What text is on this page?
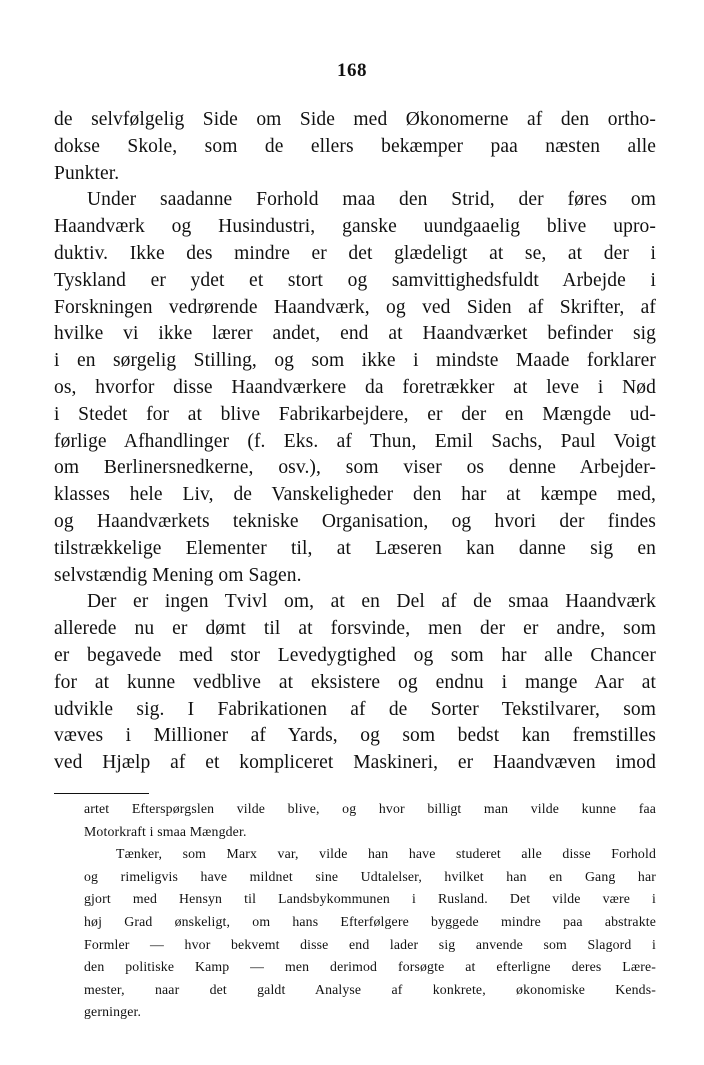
168
de selvfølgelig Side om Side med Økonomerne af den ortho-
dokse Skole, som de ellers bekæmper paa næsten alle
Punkter.
Under saadanne Forhold maa den Strid, der føres om
Haandværk og Husindustri, ganske uundgaaelig blive upro-
duktiv. Ikke des mindre er det glædeligt at se, at der i
Tyskland er ydet et stort og samvittighedsfuldt Arbejde i
Forskningen vedrørende Haandværk, og ved Siden af Skrifter, af
hvilke vi ikke lærer andet, end at Haandværket befinder sig
i en sørgelig Stilling, og som ikke i mindste Maade forklarer
os, hvorfor disse Haandværkere da foretrækker at leve i Nød
i Stedet for at blive Fabrikarbejdere, er der en Mængde ud-
førlige Afhandlinger (f. Eks. af Thun, Emil Sachs, Paul Voigt
om Berlinersnedkerne, osv.), som viser os denne Arbejder-
klasses hele Liv, de Vanskeligheder den har at kæmpe med,
og Haandværkets tekniske Organisation, og hvori der findes
tilstrækkelige Elementer til, at Læseren kan danne sig en
selvstændig Mening om Sagen.
Der er ingen Tvivl om, at en Del af de smaa Haandværk
allerede nu er dømt til at forsvinde, men der er andre, som
er begavede med stor Levedygtighed og som har alle Chancer
for at kunne vedblive at eksistere og endnu i mange Aar at
udvikle sig. I Fabrikationen af de Sorter Tekstilvarer, som
væves i Millioner af Yards, og som bedst kan fremstilles
ved Hjælp af et kompliceret Maskineri, er Haandvæven imod
artet Efterspørgslen vilde blive, og hvor billigt man vilde kunne faa
Motorkraft i smaa Mængder.
Tænker, som Marx var, vilde han have studeret alle disse Forhold
og rimeligvis have mildnet sine Udtalelser, hvilket han en Gang har
gjort med Hensyn til Landsbykommunen i Rusland. Det vilde være i
høj Grad ønskeligt, om hans Efterfølgere byggede mindre paa abstrakte
Formler — hvor bekvemt disse end lader sig anvende som Slagord i
den politiske Kamp — men derimod forsøgte at efterligne deres Lære-
mester, naar det galdt Analyse af konkrete, økonomiske Kends-
gerninger.
